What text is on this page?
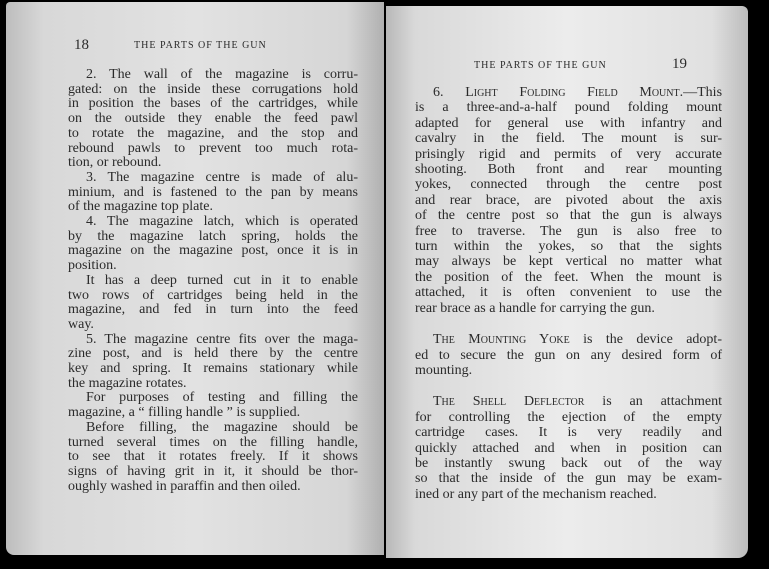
18	THE PARTS OF THE GUN
2. The wall of the magazine is corru-
gated: on the inside these corrugations hold
in position the bases of the cartridges, while
on the outside they enable the feed pawl
to rotate the magazine, and the stop and
rebound pawls to prevent too much rota-
tion, or rebound.
3. The magazine centre is made of alu-
minium, and is fastened to the pan by means
of the magazine top plate.
4. The magazine latch, which is operated
by the magazine latch spring, holds the
magazine on the magazine post, once it is in
position.
It has a deep turned cut in it to enable
two rows of cartridges being held in the
magazine, and fed in turn into the feed
way.
5. The magazine centre fits over the maga-
zine post, and is held there by the centre
key and spring. It remains stationary while
the magazine rotates.
For purposes of testing and filling the
magazine, a “ filling handle ” is supplied.
Before filling, the magazine should be
turned several times on the filling handle,
to see that it rotates freely. If it shows
signs of having grit in it, it should be thor-
oughly washed in paraffin and then oiled.
THE PARTS OF THE GUN	19
6. Light Folding Field Mount.—This
is a three-and-a-half pound folding mount
adapted for general use with infantry and
cavalry in the field. The mount is sur-
prisingly rigid and permits of very accurate
shooting. Both front and rear mounting
yokes, connected through the centre post
and rear brace, are pivoted about the axis
of the centre post so that the gun is always
free to traverse. The gun is also free to
turn within the yokes, so that the sights
may always be kept vertical no matter what
the position of the feet. When the mount is
attached, it is often convenient to use the
rear brace as a handle for carrying the gun.
The Mounting Yoke is the device adopt-
ed to secure the gun on any desired form of
mounting.
The Shell Deflector is an attachment
for controlling the ejection of the empty
cartridge cases. It is very readily and
quickly attached and when in position can
be instantly swung back out of the way
so that the inside of the gun may be exam-
ined or any part of the mechanism reached.
